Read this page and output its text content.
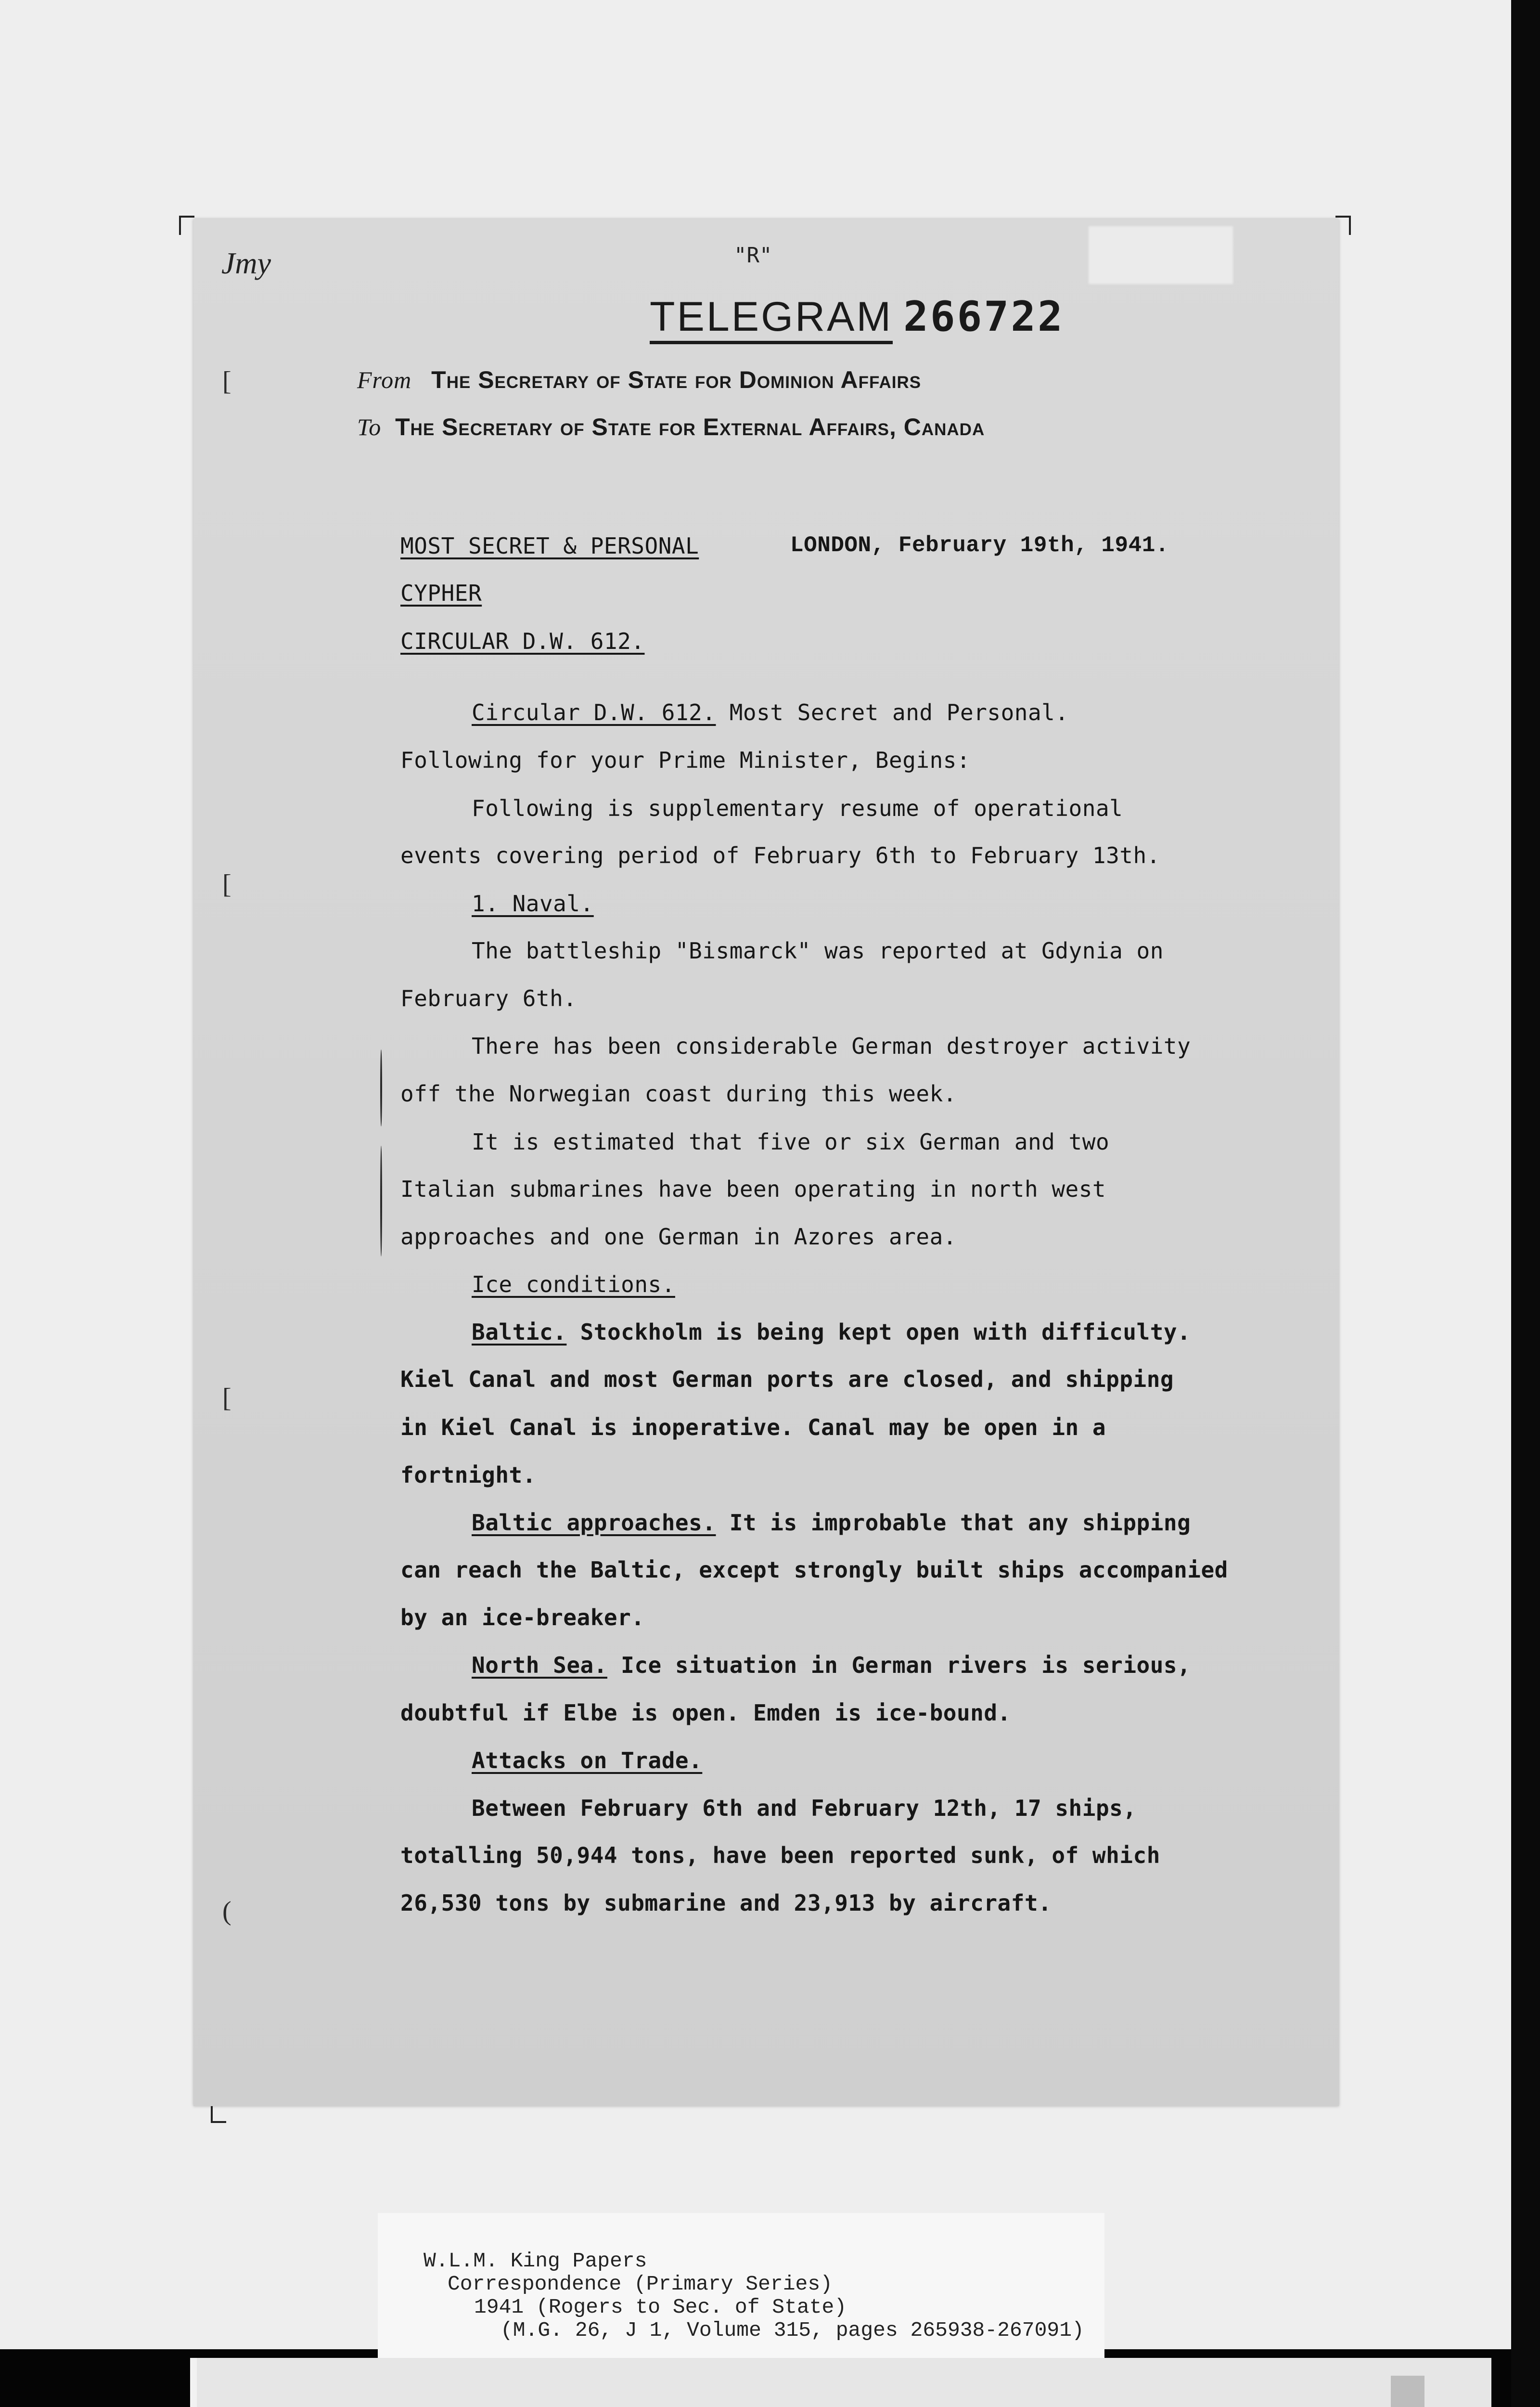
Jmy	"R"
TELEGRAM 266722
From The Secretary of State for Dominion Affairs
To The Secretary of State for External Affairs, Canada
MOST SECRET & PERSONAL	LONDON, February 19th, 1941.
CYPHER
CIRCULAR D.W. 612.
Circular D.W. 612. Most Secret and Personal.
Following for your Prime Minister, Begins:
Following is supplementary resume of operational
events covering period of February 6th to February 13th.
1. Naval.
The battleship "Bismarck" was reported at Gdynia on
February 6th.
There has been considerable German destroyer activity
off the Norwegian coast during this week.
It is estimated that five or six German and two
Italian submarines have been operating in north west
approaches and one German in Azores area.
Ice conditions.
Baltic. Stockholm is being kept open with difficulty.
Kiel Canal and most German ports are closed, and shipping
in Kiel Canal is inoperative. Canal may be open in a
fortnight.
Baltic approaches. It is improbable that any shipping
can reach the Baltic, except strongly built ships accompanied
by an ice-breaker.
North Sea. Ice situation in German rivers is serious,
doubtful if Elbe is open. Emden is ice-bound.
Attacks on Trade.
Between February 6th and February 12th, 17 ships,
totalling 50,944 tons, have been reported sunk, of which
26,530 tons by submarine and 23,913 by aircraft.
[
[
[
(
W.L.M. King Papers
Correspondence (Primary Series)
1941 (Rogers to Sec. of State)
(M.G. 26, J 1, Volume 315, pages 265938-267091)
